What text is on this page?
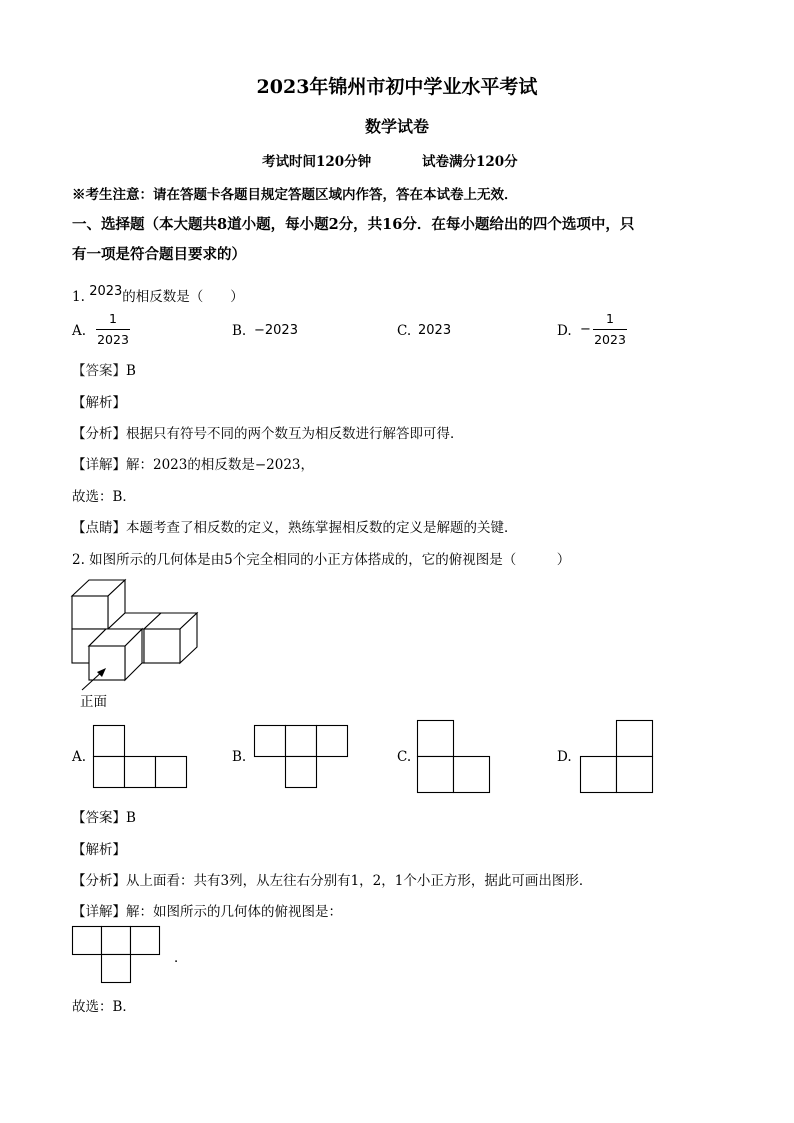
2023年锦州市初中学业水平考试
数学试卷
考试时间120分钟	试卷满分120分
※考生注意：请在答题卡各题目规定答题区域内作答，答在本试卷上无效．
一、选择题（本大题共8道小题，每小题2分，共16分．在每小题给出的四个选项中，只
有一项是符合题目要求的）
1. 2023的相反数是（　　）
A.
1
2023
B. −2023	C. 2023	D. −
1
2023
【答案】B
【解析】
【分析】根据只有符号不同的两个数互为相反数进行解答即可得．
【详解】解：2023的相反数是−2023，
故选：B．
【点睛】本题考查了相反数的定义，熟练掌握相反数的定义是解题的关键．
2. 如图所示的几何体是由5个完全相同的小正方体搭成的，它的俯视图是（　　　）
正面
A.	B.	C.	D.
【答案】B
【解析】
【分析】从上面看：共有3列，从左往右分别有1，2，1个小正方形，据此可画出图形．
【详解】解：如图所示的几何体的俯视图是：
．
故选：B．
